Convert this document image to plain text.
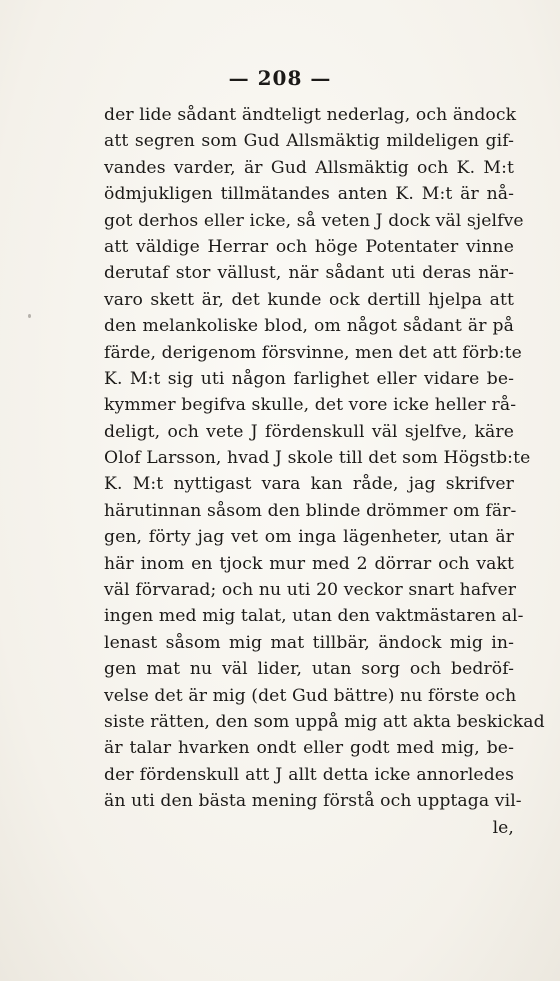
— 208 —
der lide sådant ändteligt nederlag, och ändock
att segren som Gud Allsmäktig mildeligen gif-
vandes varder, är Gud Allsmäktig och K. M:t
ödmjukligen tillmätandes anten K. M:t är nå-
got derhos eller icke, så veten J dock väl sjelfve
att väldige Herrar och höge Potentater vinne
derutaf stor vällust, när sådant uti deras när-
varo skett är, det kunde ock dertill hjelpa att
den melankoliske blod, om något sådant är på
färde, derigenom försvinne, men det att förb:te
K. M:t sig uti någon farlighet eller vidare be-
kymmer begifva skulle, det vore icke heller rå-
deligt, och vete J fördenskull väl sjelfve, käre
Olof Larsson, hvad J skole till det som Högstb:te
K. M:t nyttigast vara kan råde, jag skrifver
härutinnan såsom den blinde drömmer om fär-
gen, förty jag vet om inga lägenheter, utan är
här inom en tjock mur med 2 dörrar och vakt
väl förvarad; och nu uti 20 veckor snart hafver
ingen med mig talat, utan den vaktmästaren al-
lenast såsom mig mat tillbär, ändock mig in-
gen mat nu väl lider, utan sorg och bedröf-
velse det är mig (det Gud bättre) nu förste och
siste rätten, den som uppå mig att akta beskickad
är talar hvarken ondt eller godt med mig, be-
der fördenskull att J allt detta icke annorledes
än uti den bästa mening förstå och upptaga vil-
le,
